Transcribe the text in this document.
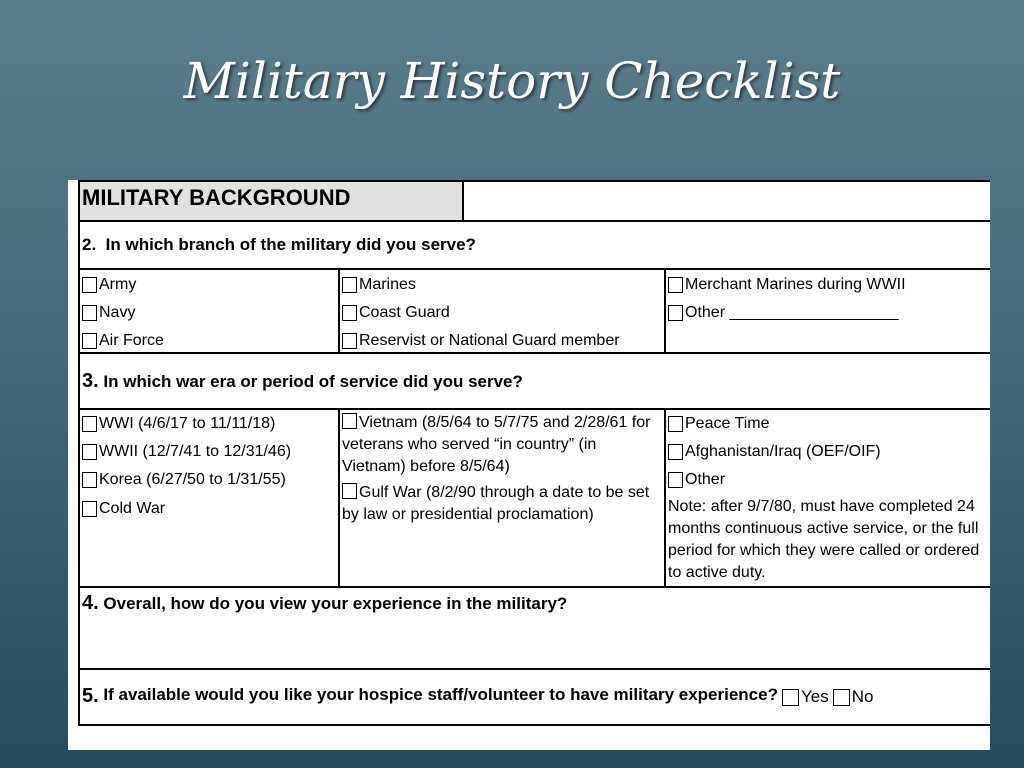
Military History Checklist
MILITARY BACKGROUND
2. In which branch of the military did you serve?
Army
Navy
Air Force
Marines
Coast Guard
Reservist or National Guard member
Merchant Marines during WWII
Other ___________________
3. In which war era or period of service did you serve?
WWI (4/6/17 to 11/11/18)
WWII (12/7/41 to 12/31/46)
Korea (6/27/50 to 1/31/55)
Cold War

Vietnam (8/5/64 to 5/7/75 and 2/28/61 for veterans who served “in country” (in Vietnam) before 8/5/64)

Gulf War (8/2/90 through a date to be set by law or presidential proclamation)

Peace Time
Afghanistan/Iraq (OEF/OIF)
Other

Note: after 9/7/80, must have completed 24 months continuous active service, or the full period for which they were called or ordered to active duty.

4. Overall, how do you view your experience in the military?
5.
If available would you like your hospice staff/volunteer to have military experience? Yes No
